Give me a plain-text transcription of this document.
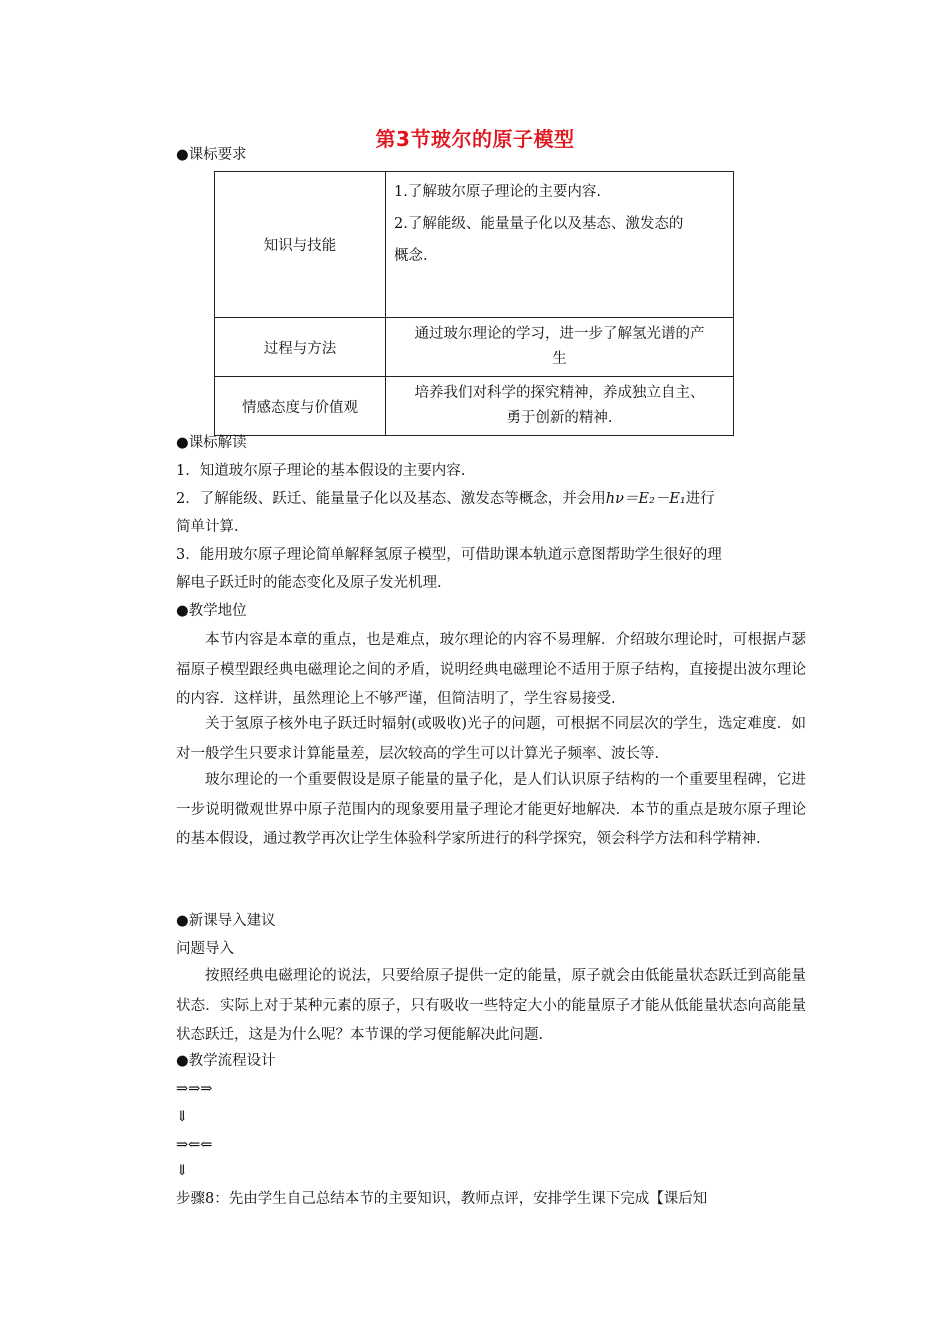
第3节玻尔的原子模型
●课标要求
知识与技能	1.了解玻尔原子理论的主要内容.
2.了解能级、能量量子化以及基态、激发态的
概念.

过程与方法	通过玻尔理论的学习，进一步了解氢光谱的产
生

情感态度与价值观	培养我们对科学的探究精神，养成独立自主、
勇于创新的精神.
●课标解读
1．知道玻尔原子理论的基本假设的主要内容.
2．了解能级、跃迁、能量量子化以及基态、激发态等概念，并会用hν＝E₂－E₁进行
简单计算.
3．能用玻尔原子理论简单解释氢原子模型，可借助课本轨道示意图帮助学生很好的理
解电子跃迁时的能态变化及原子发光机理.
●教学地位
本节内容是本章的重点，也是难点，玻尔理论的内容不易理解．介绍玻尔理论时，可根据卢瑟福原子模型跟经典电磁理论之间的矛盾，说明经典电磁理论不适用于原子结构，直接提出波尔理论的内容．这样讲，虽然理论上不够严谨，但简洁明了，学生容易接受.
关于氢原子核外电子跃迁时辐射(或吸收)光子的问题，可根据不同层次的学生，选定难度．如对一般学生只要求计算能量差，层次较高的学生可以计算光子频率、波长等.
玻尔理论的一个重要假设是原子能量的量子化，是人们认识原子结构的一个重要里程碑，它进一步说明微观世界中原子范围内的现象要用量子理论才能更好地解决．本节的重点是玻尔原子理论的基本假设，通过教学再次让学生体验科学家所进行的科学探究，领会科学方法和科学精神.
●新课导入建议
问题导入
按照经典电磁理论的说法，只要给原子提供一定的能量，原子就会由低能量状态跃迁到高能量状态．实际上对于某种元素的原子，只有吸收一些特定大小的能量原子才能从低能量状态向高能量状态跃迁，这是为什么呢？本节课的学习便能解决此问题.
●教学流程设计
⇒⇒⇒
⇓
⇒⇐⇐
⇓
步骤8：先由学生自己总结本节的主要知识，教师点评，安排学生课下完成【课后知
